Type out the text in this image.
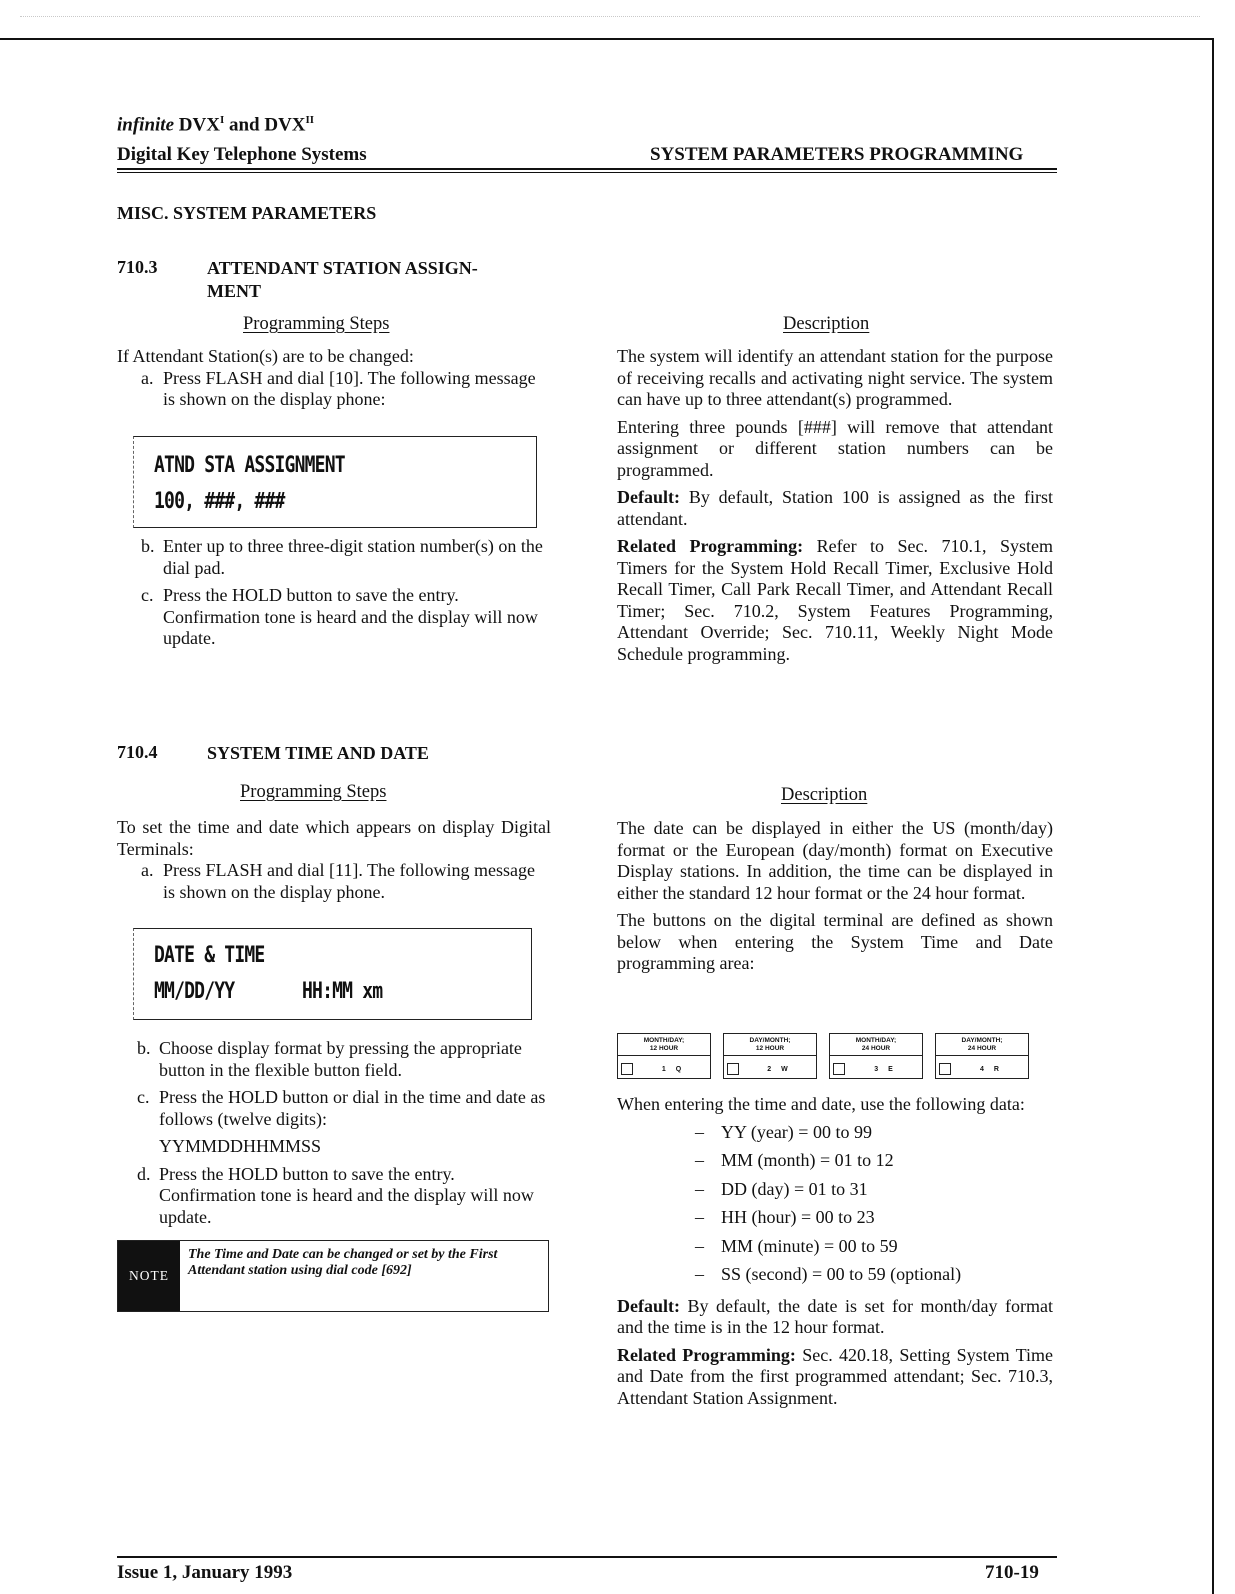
infinite $DVX^I$ and $DVX^{II}$
Digital Key Telephone Systems	SYSTEM PARAMETERS PROGRAMMING
MISC. SYSTEM PARAMETERS
710.3	ATTENDANT STATION ASSIGN-
MENT
Programming Steps	Description

If Attendant Station(s) are to be changed:

a. Press FLASH and dial [10]. The following message is shown on the display phone:
ATND STA ASSIGNMENT
100, ###, ###
b. Enter up to three three-digit station number(s) on the dial pad.
c. Press the HOLD button to save the entry. Confirmation tone is heard and the display will now update.

The system will identify an attendant station for the purpose of receiving recalls and activating night service. The system can have up to three attendant(s) programmed.

Entering three pounds [###] will remove that attendant assignment or different station numbers can be programmed.

Default: By default, Station 100 is assigned as the first attendant.

Related Programming: Refer to Sec. 710.1, System Timers for the System Hold Recall Timer, Exclusive Hold Recall Timer, Call Park Recall Timer, and Attendant Recall Timer; Sec. 710.2, System Features Programming, Attendant Override; Sec. 710.11, Weekly Night Mode Schedule programming.

710.4	SYSTEM TIME AND DATE
Programming Steps	Description

To set the time and date which appears on display Digital Terminals:

a. Press FLASH and dial [11]. The following message is shown on the display phone.
DATE & TIME
MM/DD/YY	HH:MM xm
b. Choose display format by pressing the appropriate button in the flexible button field.
c. Press the HOLD button or dial in the time and date as follows (twelve digits):
YYMMDDHHMMSS
d. Press the HOLD button to save the entry. Confirmation tone is heard and the display will now update.
NOTE
The Time and Date can be changed or set by the First Attendant station using dial code [692]

The date can be displayed in either the US (month/day) format or the European (day/month) format on Executive Display stations. In addition, the time can be displayed in either the standard 12 hour format or the 24 hour format.

The buttons on the digital terminal are defined as shown below when entering the System Time and Date programming area:

MONTH/DAY;
12 HOUR
1Q
DAY/MONTH;
12 HOUR
2W
MONTH/DAY;
24 HOUR
3E
DAY/MONTH;
24 HOUR
4R

When entering the time and date, use the following data:

– YY (year) = 00 to 99
– MM (month) = 01 to 12
– DD (day) = 01 to 31
– HH (hour) = 00 to 23
– MM (minute) = 00 to 59
– SS (second) = 00 to 59 (optional)

Default: By default, the date is set for month/day format and the time is in the 12 hour format.

Related Programming: Sec. 420.18, Setting System Time and Date from the first programmed attendant; Sec. 710.3, Attendant Station Assignment.

Issue 1, January 1993	710-19
